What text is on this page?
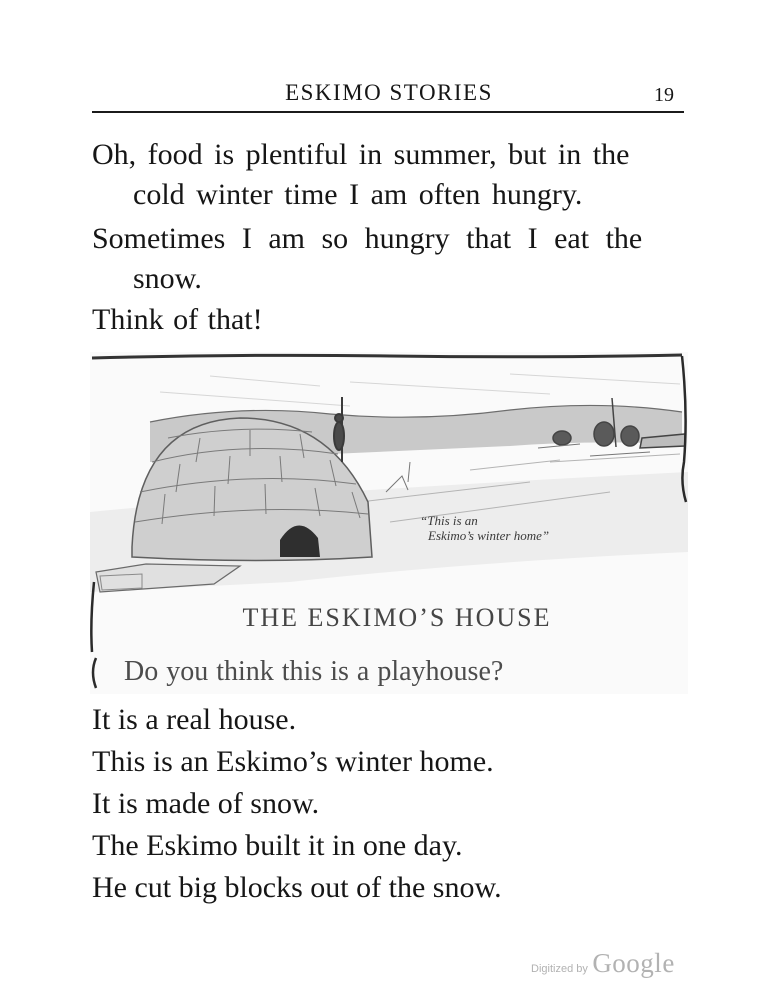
ESKIMO STORIES	19
Oh, food is plentiful in summer, but in the
cold winter time I am often hungry.
Sometimes I am so hungry that I eat the
snow.
Think of that!
“This is an
Eskimo’s winter home”
THE ESKIMO’S HOUSE
Do you think this is a playhouse?
It is a real house.
This is an Eskimo’s winter home.
It is made of snow.
The Eskimo built it in one day.
He cut big blocks out of the snow.
Digitized by Google
